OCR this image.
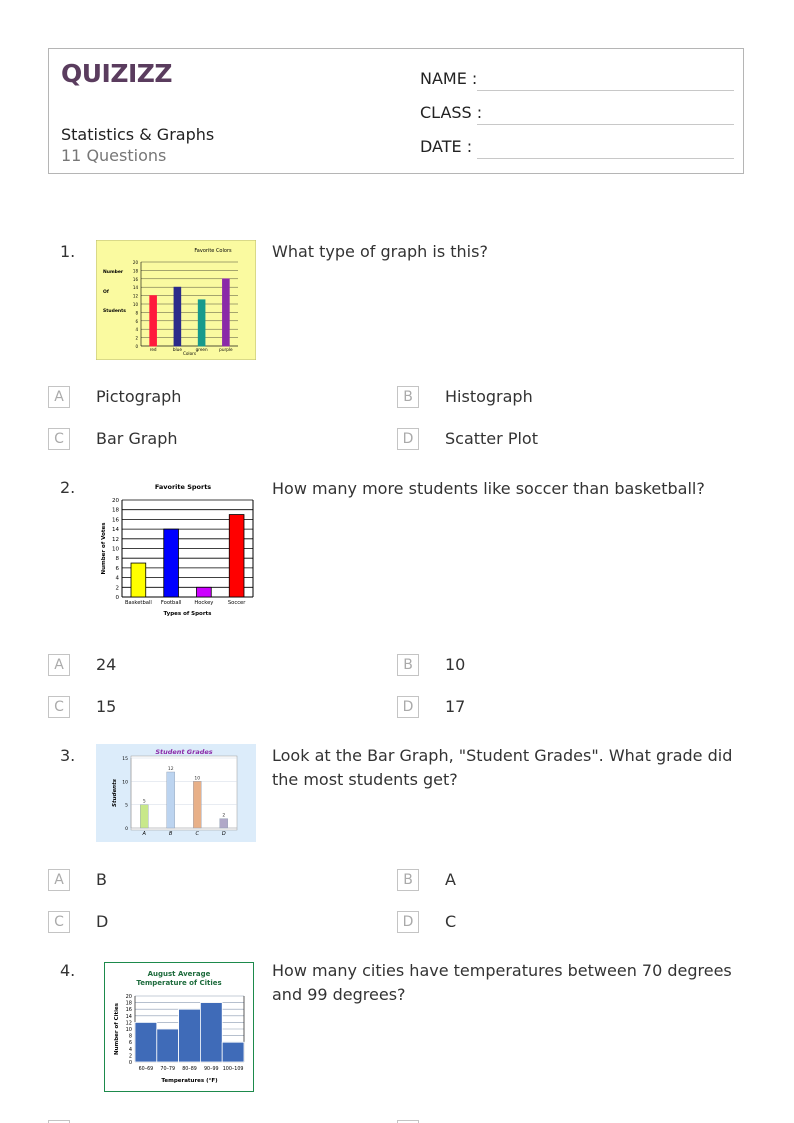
QUIZIZZ
Statistics & Graphs
11 Questions
NAME :
CLASS :
DATE :
1.
0
2
4
6
8
10
12
14
16
18
20
red	blue	green	purple
Favorite Colors
Colors
Number
Of
Students
What type of graph is this?
A	Pictograph	B	Histograph
C	Bar Graph	D	Scatter Plot
2.
0
2
4
6
8
10
12
14
16
18
20
Basketball Football Hockey	Soccer
Favorite Sports
Types of Sports
Number of Votes
How many more students like soccer than basketball?
A	24	B	10
C	15	D	17
3.
0
5
10
15
5
A
12
B
10
C
2
D
Student Grades
Students
Look at the Bar Graph, "Student Grades". What grade did the most students get?
A	B	B	A
C	D	D	C
4.
0
2
4
6
8
10
12
14
16
18
20
60–69 70–79 80–89 90–99 100–109
August Average
Temperature of Cities
Temperatures (°F)
Number of Cities
How many cities have temperatures between 70 degrees and 99 degrees?
